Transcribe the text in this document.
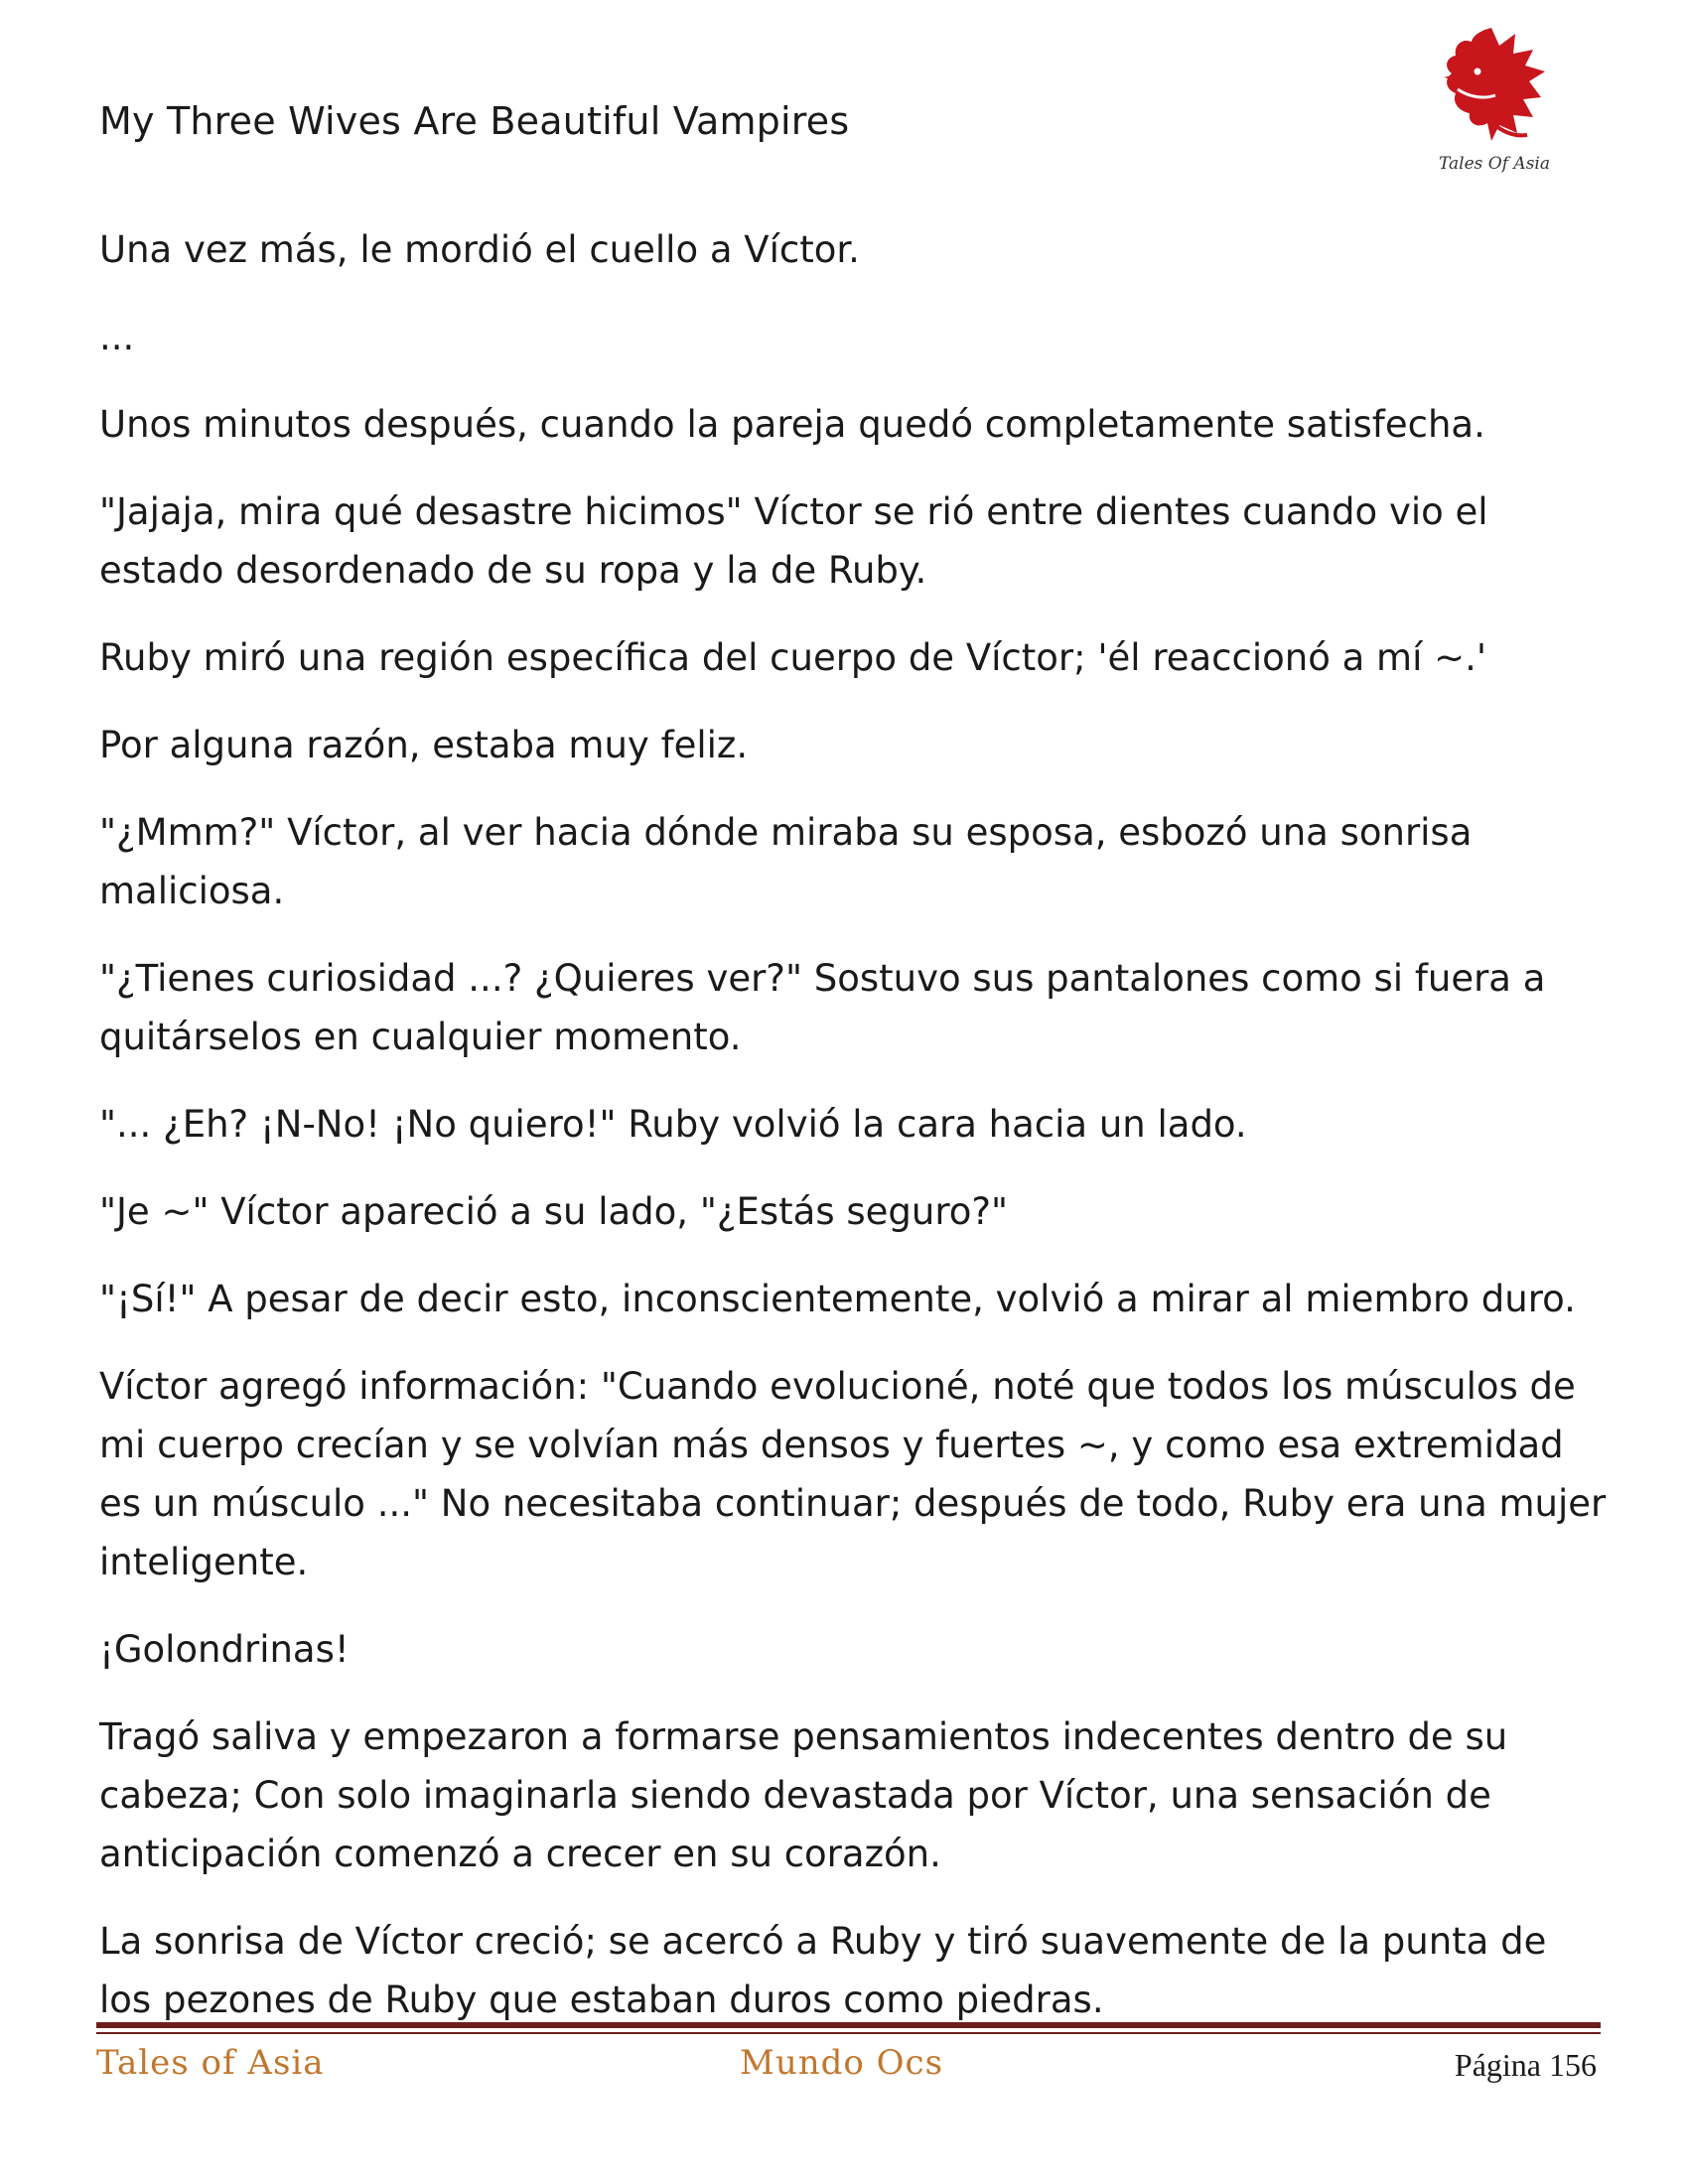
My Three Wives Are Beautiful Vampires
Tales Of Asia

Una vez más, le mordió el cuello a Víctor.

...

Unos minutos después, cuando la pareja quedó completamente satisfecha.

"Jajaja, mira qué desastre hicimos" Víctor se rió entre dientes cuando vio el estado desordenado de su ropa y la de Ruby.

Ruby miró una región específica del cuerpo de Víctor; 'él reaccionó a mí ~.'

Por alguna razón, estaba muy feliz.

"¿Mmm?" Víctor, al ver hacia dónde miraba su esposa, esbozó una sonrisa maliciosa.

"¿Tienes curiosidad ...? ¿Quieres ver?" Sostuvo sus pantalones como si fuera a quitárselos en cualquier momento.

"... ¿Eh? ¡N-No! ¡No quiero!" Ruby volvió la cara hacia un lado.

"Je ~" Víctor apareció a su lado, "¿Estás seguro?"

"¡Sí!" A pesar de decir esto, inconscientemente, volvió a mirar al miembro duro.

Víctor agregó información: "Cuando evolucioné, noté que todos los músculos de mi cuerpo crecían y se volvían más densos y fuertes ~, y como esa extremidad es un músculo ..." No necesitaba continuar; después de todo, Ruby era una mujer inteligente.

¡Golondrinas!

Tragó saliva y empezaron a formarse pensamientos indecentes dentro de su cabeza; Con solo imaginarla siendo devastada por Víctor, una sensación de anticipación comenzó a crecer en su corazón.

La sonrisa de Víctor creció; se acercó a Ruby y tiró suavemente de la punta de los pezones de Ruby que estaban duros como piedras.

Tales of Asia	Mundo Ocs	Página 156
